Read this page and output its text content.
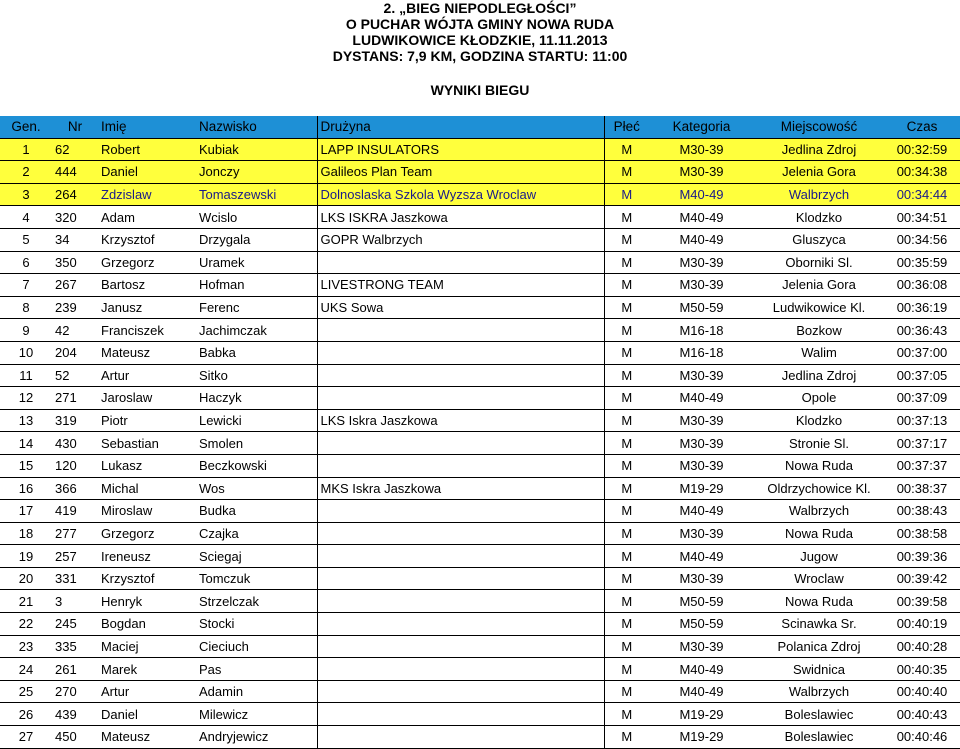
2. „BIEG NIEPODLEGŁOŚCI”
O PUCHAR WÓJTA GMINY NOWA RUDA
LUDWIKOWICE KŁODZKIE, 11.11.2013
DYSTANS: 7,9 KM, GODZINA STARTU: 11:00
WYNIKI BIEGU
Gen.	Nr	Imię	Nazwisko	Drużyna	Płeć	Kategoria	Miejscowość	Czas
1	62	Robert	Kubiak	LAPP INSULATORS	M	M30-39	Jedlina Zdroj	00:32:59
2	444	Daniel	Jonczy	Galileos Plan Team	M	M30-39	Jelenia Gora	00:34:38
3	264	Zdzislaw	Tomaszewski	Dolnoslaska Szkola Wyzsza Wroclaw	M	M40-49	Walbrzych	00:34:44
4	320	Adam	Wcislo	LKS ISKRA Jaszkowa	M	M40-49	Klodzko	00:34:51
5	34	Krzysztof	Drzygala	GOPR Walbrzych	M	M40-49	Gluszyca	00:34:56
6	350	Grzegorz	Uramek		M	M30-39	Oborniki Sl.	00:35:59
7	267	Bartosz	Hofman	LIVESTRONG TEAM	M	M30-39	Jelenia Gora	00:36:08
8	239	Janusz	Ferenc	UKS Sowa	M	M50-59	Ludwikowice Kl.	00:36:19
9	42	Franciszek	Jachimczak		M	M16-18	Bozkow	00:36:43
10	204	Mateusz	Babka		M	M16-18	Walim	00:37:00
11	52	Artur	Sitko		M	M30-39	Jedlina Zdroj	00:37:05
12	271	Jaroslaw	Haczyk		M	M40-49	Opole	00:37:09
13	319	Piotr	Lewicki	LKS Iskra Jaszkowa	M	M30-39	Klodzko	00:37:13
14	430	Sebastian	Smolen		M	M30-39	Stronie Sl.	00:37:17
15	120	Lukasz	Beczkowski		M	M30-39	Nowa Ruda	00:37:37
16	366	Michal	Wos	MKS Iskra Jaszkowa	M	M19-29	Oldrzychowice Kl.	00:38:37
17	419	Miroslaw	Budka		M	M40-49	Walbrzych	00:38:43
18	277	Grzegorz	Czajka		M	M30-39	Nowa Ruda	00:38:58
19	257	Ireneusz	Sciegaj		M	M40-49	Jugow	00:39:36
20	331	Krzysztof	Tomczuk		M	M30-39	Wroclaw	00:39:42
21	3	Henryk	Strzelczak		M	M50-59	Nowa Ruda	00:39:58
22	245	Bogdan	Stocki		M	M50-59	Scinawka Sr.	00:40:19
23	335	Maciej	Cieciuch		M	M30-39	Polanica Zdroj	00:40:28
24	261	Marek	Pas		M	M40-49	Swidnica	00:40:35
25	270	Artur	Adamin		M	M40-49	Walbrzych	00:40:40
26	439	Daniel	Milewicz		M	M19-29	Boleslawiec	00:40:43
27	450	Mateusz	Andryjewicz		M	M19-29	Boleslawiec	00:40:46
